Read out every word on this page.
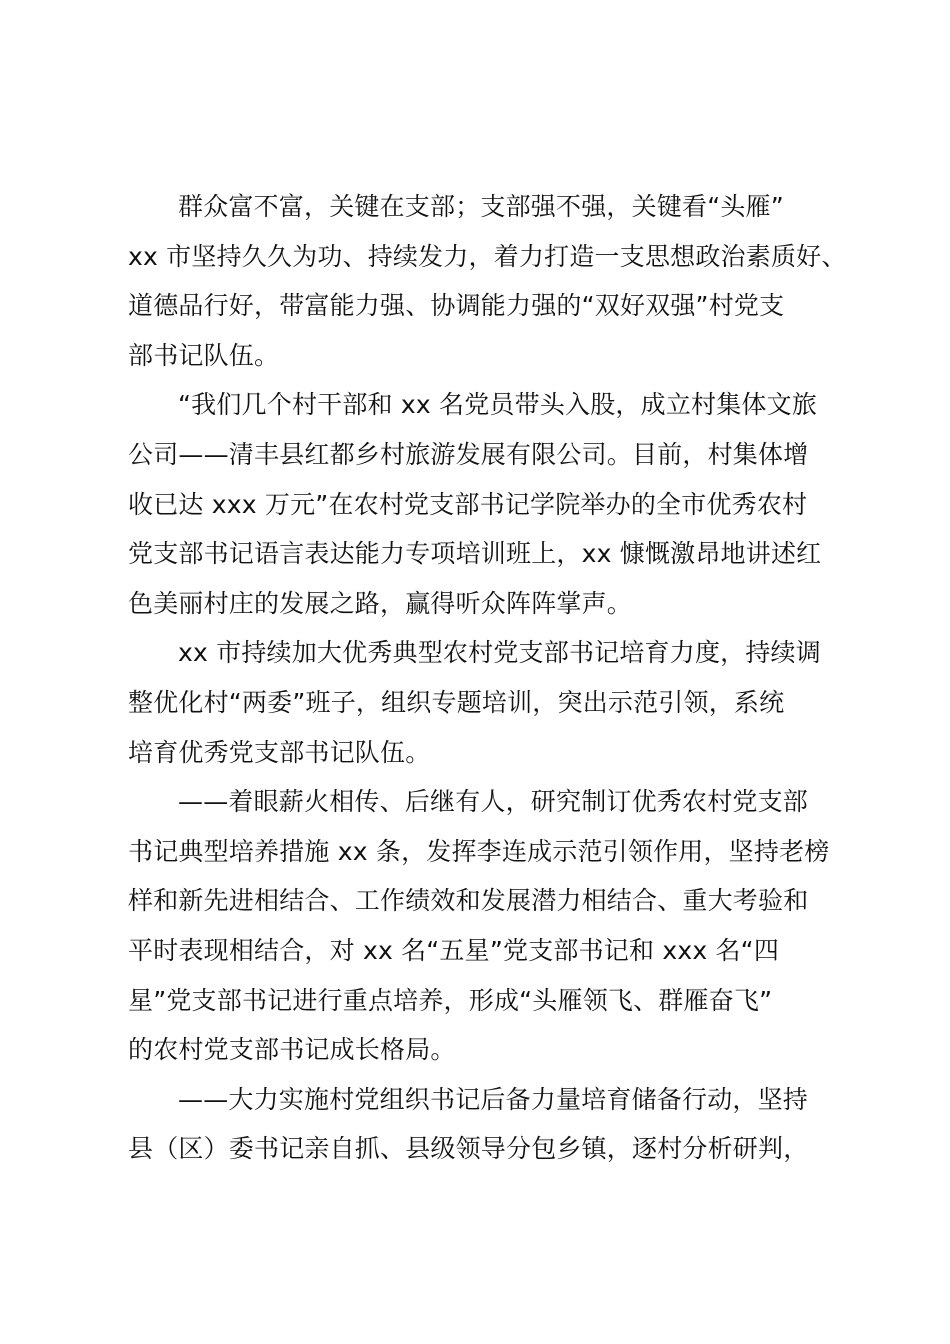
群众富不富，关键在支部；支部强不强，关键看“头雁”
xx 市坚持久久为功、持续发力，着力打造一支思想政治素质好、
道德品行好，带富能力强、协调能力强的“双好双强”村党支
部书记队伍。
“我们几个村干部和 xx 名党员带头入股，成立村集体文旅
公司——清丰县红都乡村旅游发展有限公司。目前，村集体增
收已达 xxx 万元”在农村党支部书记学院举办的全市优秀农村
党支部书记语言表达能力专项培训班上，xx 慷慨激昂地讲述红
色美丽村庄的发展之路，赢得听众阵阵掌声。
xx 市持续加大优秀典型农村党支部书记培育力度，持续调
整优化村“两委”班子，组织专题培训，突出示范引领，系统
培育优秀党支部书记队伍。
——着眼薪火相传、后继有人，研究制订优秀农村党支部
书记典型培养措施 xx 条，发挥李连成示范引领作用，坚持老榜
样和新先进相结合、工作绩效和发展潜力相结合、重大考验和
平时表现相结合，对 xx 名“五星”党支部书记和 xxx 名“四
星”党支部书记进行重点培养，形成“头雁领飞、群雁奋飞”
的农村党支部书记成长格局。
——大力实施村党组织书记后备力量培育储备行动，坚持
县（区）委书记亲自抓、县级领导分包乡镇，逐村分析研判，
